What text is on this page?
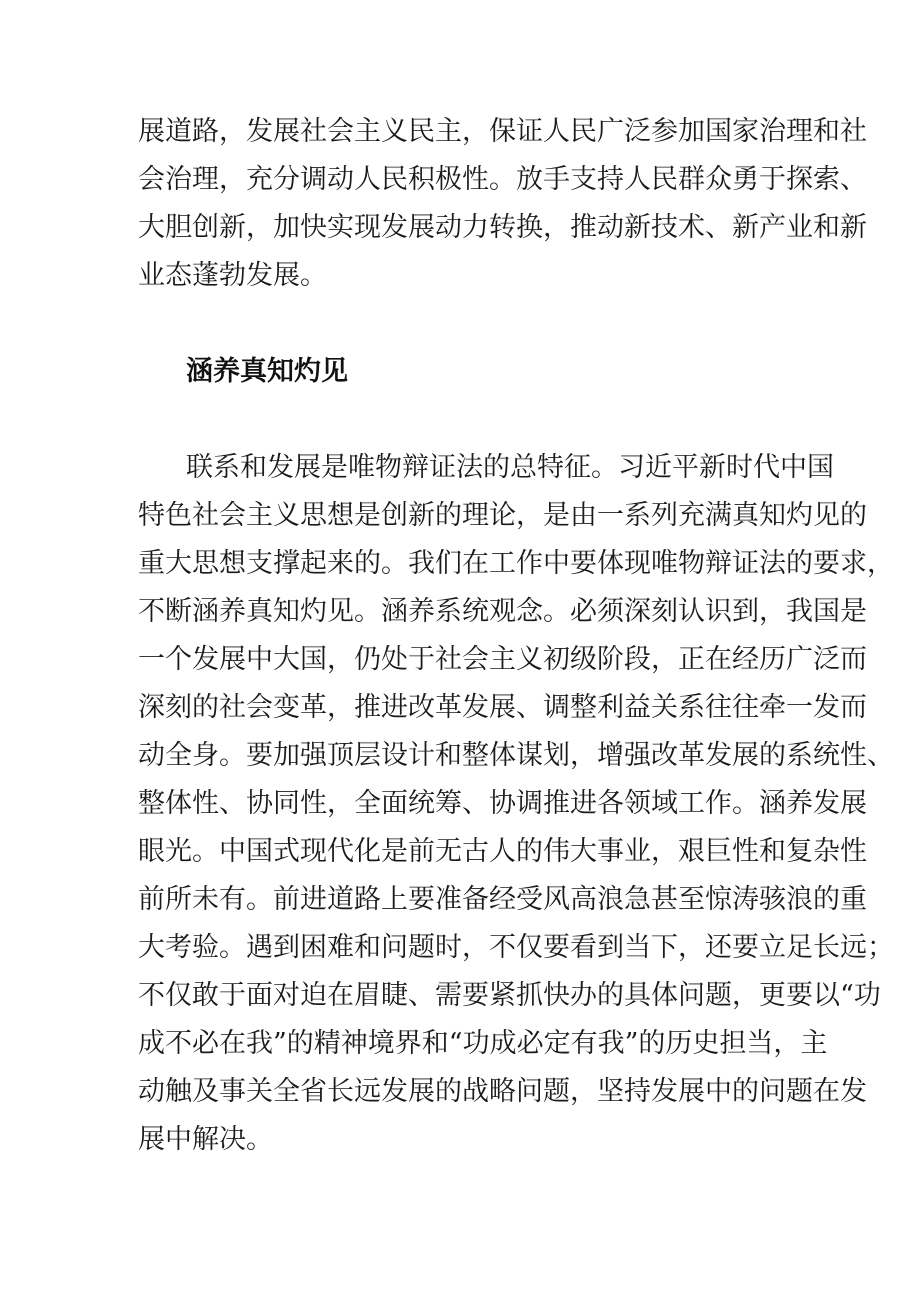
展道路，发展社会主义民主，保证人民广泛参加国家治理和社
会治理，充分调动人民积极性。放手支持人民群众勇于探索、
大胆创新，加快实现发展动力转换，推动新技术、新产业和新
业态蓬勃发展。
涵养真知灼见
联系和发展是唯物辩证法的总特征。习近平新时代中国
特色社会主义思想是创新的理论，是由一系列充满真知灼见的
重大思想支撑起来的。我们在工作中要体现唯物辩证法的要求，
不断涵养真知灼见。涵养系统观念。必须深刻认识到，我国是
一个发展中大国，仍处于社会主义初级阶段，正在经历广泛而
深刻的社会变革，推进改革发展、调整利益关系往往牵一发而
动全身。要加强顶层设计和整体谋划，增强改革发展的系统性、
整体性、协同性，全面统筹、协调推进各领域工作。涵养发展
眼光。中国式现代化是前无古人的伟大事业，艰巨性和复杂性
前所未有。前进道路上要准备经受风高浪急甚至惊涛骇浪的重
大考验。遇到困难和问题时，不仅要看到当下，还要立足长远；
不仅敢于面对迫在眉睫、需要紧抓快办的具体问题，更要以“功
成不必在我”的精神境界和“功成必定有我”的历史担当，主
动触及事关全省长远发展的战略问题，坚持发展中的问题在发
展中解决。
